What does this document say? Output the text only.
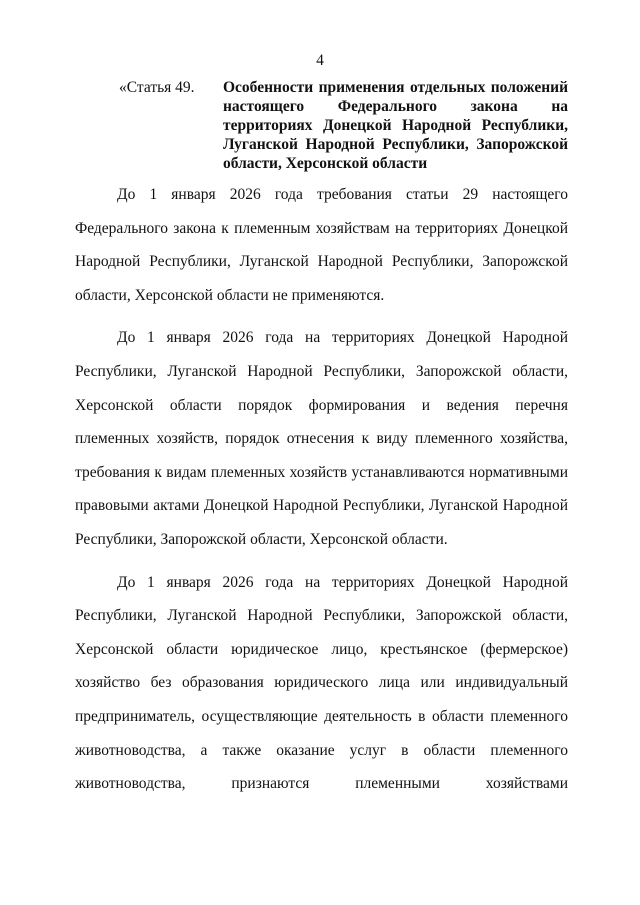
4
«Статья 49. Особенности применения отдельных положений настоящего Федерального закона на территориях Донецкой Народной Республики, Луганской Народной Республики, Запорожской области, Херсонской области

До 1 января 2026 года требования статьи 29 настоящего Федерального закона к племенным хозяйствам на территориях Донецкой Народной Республики, Луганской Народной Республики, Запорожской области, Херсонской области не применяются.

До 1 января 2026 года на территориях Донецкой Народной Республики, Луганской Народной Республики, Запорожской области, Херсонской области порядок формирования и ведения перечня племенных хозяйств, порядок отнесения к виду племенного хозяйства, требования к видам племенных хозяйств устанавливаются нормативными правовыми актами Донецкой Народной Республики, Луганской Народной Республики, Запорожской области, Херсонской области.

До 1 января 2026 года на территориях Донецкой Народной Республики, Луганской Народной Республики, Запорожской области, Херсонской области юридическое лицо, крестьянское (фермерское) хозяйство без образования юридического лица или индивидуальный предприниматель, осуществляющие деятельность в области племенного животноводства, а также оказание услуг в области племенного животноводства, признаются племенными хозяйствами
